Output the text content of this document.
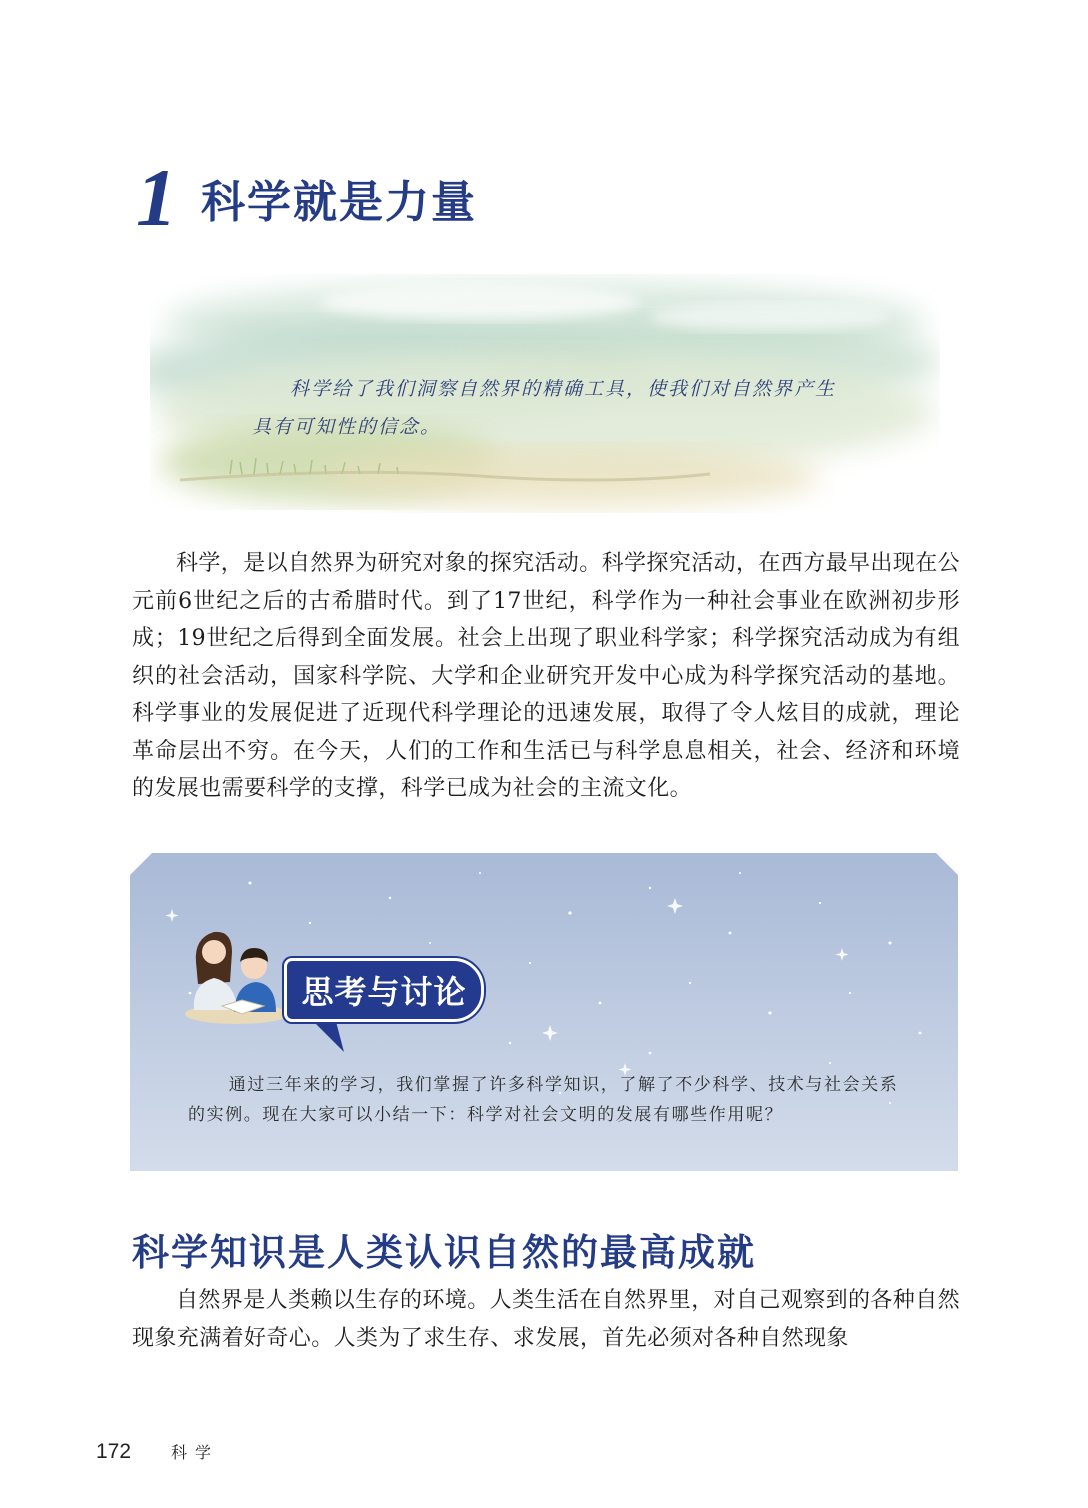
1 科学就是力量
科学给了我们洞察自然界的精确工具，使我们对自然界产生具有可知性的信念。
科学，是以自然界为研究对象的探究活动。科学探究活动，在西方最早出现在公元前6世纪之后的古希腊时代。到了17世纪，科学作为一种社会事业在欧洲初步形成；19世纪之后得到全面发展。社会上出现了职业科学家；科学探究活动成为有组织的社会活动，国家科学院、大学和企业研究开发中心成为科学探究活动的基地。科学事业的发展促进了近现代科学理论的迅速发展，取得了令人炫目的成就，理论革命层出不穷。在今天，人们的工作和生活已与科学息息相关，社会、经济和环境的发展也需要科学的支撑，科学已成为社会的主流文化。
思考与讨论
通过三年来的学习，我们掌握了许多科学知识，了解了不少科学、技术与社会关系的实例。现在大家可以小结一下：科学对社会文明的发展有哪些作用呢？
科学知识是人类认识自然的最高成就
自然界是人类赖以生存的环境。人类生活在自然界里，对自己观察到的各种自然现象充满着好奇心。人类为了求生存、求发展，首先必须对各种自然现象
172	科学
